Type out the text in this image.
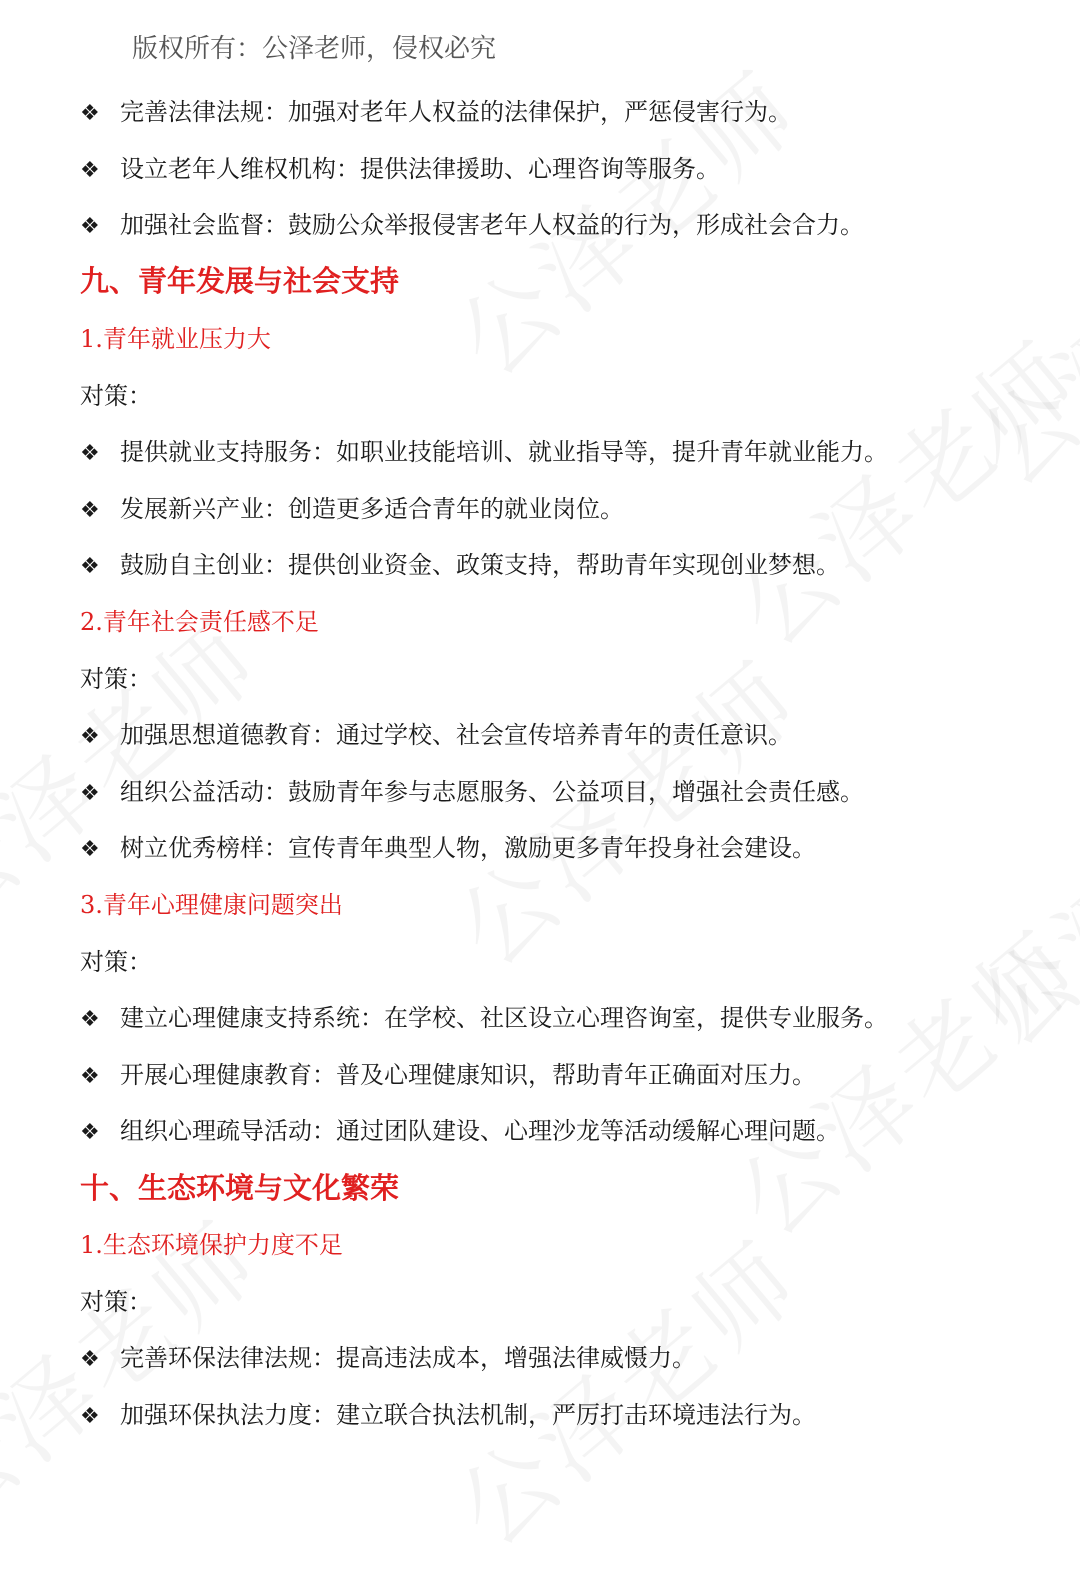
版权所有：公泽老师，侵权必究
❖ 完善法律法规：加强对老年人权益的法律保护，严惩侵害行为。
❖ 设立老年人维权机构：提供法律援助、心理咨询等服务。
❖ 加强社会监督：鼓励公众举报侵害老年人权益的行为，形成社会合力。
九、青年发展与社会支持
1.青年就业压力大
对策：
❖ 提供就业支持服务：如职业技能培训、就业指导等，提升青年就业能力。
❖ 发展新兴产业：创造更多适合青年的就业岗位。
❖ 鼓励自主创业：提供创业资金、政策支持，帮助青年实现创业梦想。
2.青年社会责任感不足
对策：
❖ 加强思想道德教育：通过学校、社会宣传培养青年的责任意识。
❖ 组织公益活动：鼓励青年参与志愿服务、公益项目，增强社会责任感。
❖ 树立优秀榜样：宣传青年典型人物，激励更多青年投身社会建设。
3.青年心理健康问题突出
对策：
❖ 建立心理健康支持系统：在学校、社区设立心理咨询室，提供专业服务。
❖ 开展心理健康教育：普及心理健康知识，帮助青年正确面对压力。
❖ 组织心理疏导活动：通过团队建设、心理沙龙等活动缓解心理问题。
十、生态环境与文化繁荣
1.生态环境保护力度不足
对策：
❖ 完善环保法律法规：提高违法成本，增强法律威慑力。
❖ 加强环保执法力度：建立联合执法机制，严厉打击环境违法行为。
